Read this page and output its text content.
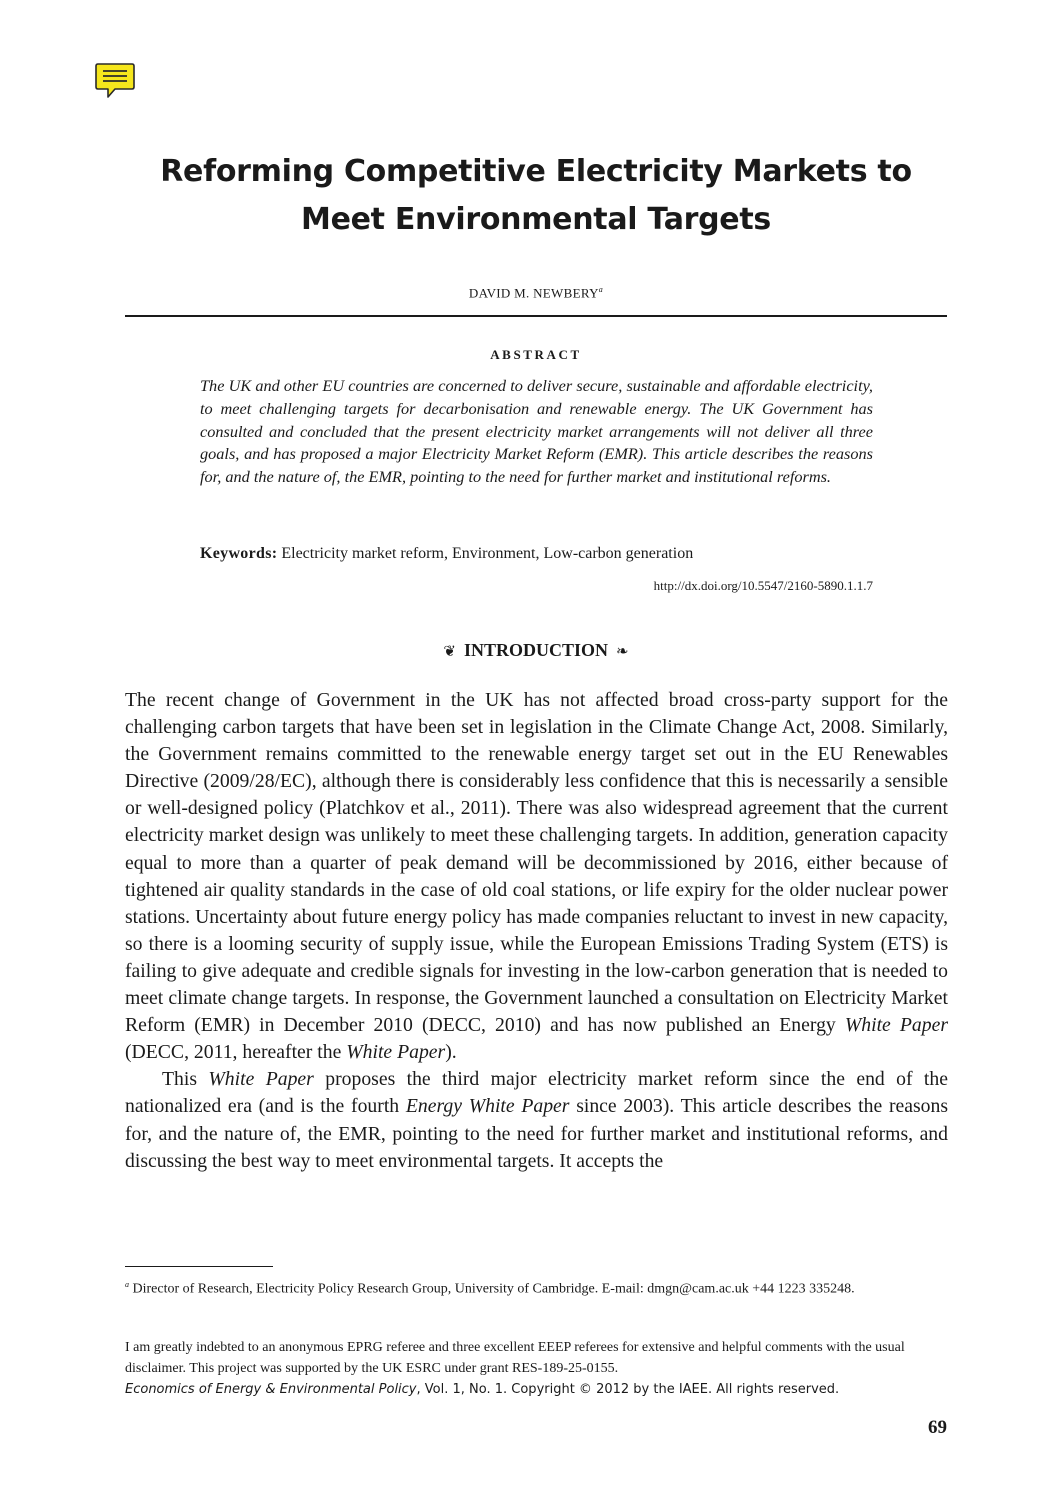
Reforming Competitive Electricity Markets to
Meet Environmental Targets
DAVID M. NEWBERY$^a$
ABSTRACT
The UK and other EU countries are concerned to deliver secure, sustainable and affordable electricity, to meet challenging targets for decarbonisation and renewable energy. The UK Government has consulted and concluded that the present electricity market arrangements will not deliver all three goals, and has proposed a major Electricity Market Reform (EMR). This article describes the reasons for, and the nature of, the EMR, pointing to the need for further market and institutional reforms.
Keywords: Electricity market reform, Environment, Low-carbon generation
http://dx.doi.org/10.5547/2160-5890.1.1.7
❦ INTRODUCTION ❧

The recent change of Government in the UK has not affected broad cross-party support for the challenging carbon targets that have been set in legislation in the Climate Change Act, 2008. Similarly, the Government remains committed to the renewable energy target set out in the EU Renewables Directive (2009/28/EC), although there is considerably less confidence that this is necessarily a sensible or well-designed policy (Platchkov et al., 2011). There was also widespread agreement that the current electricity market design was unlikely to meet these challenging targets. In addition, generation capacity equal to more than a quarter of peak demand will be decommissioned by 2016, either because of tightened air quality standards in the case of old coal stations, or life expiry for the older nuclear power stations. Uncertainty about future energy policy has made companies reluctant to invest in new capacity, so there is a looming security of supply issue, while the European Emissions Trading System (ETS) is failing to give adequate and credible signals for investing in the low-carbon generation that is needed to meet climate change targets. In response, the Government launched a consultation on Electricity Market Reform (EMR) in December 2010 (DECC, 2010) and has now published an Energy White Paper (DECC, 2011, hereafter the White Paper).

This White Paper proposes the third major electricity market reform since the end of the nationalized era (and is the fourth Energy White Paper since 2003). This article describes the reasons for, and the nature of, the EMR, pointing to the need for further market and institutional reforms, and discussing the best way to meet environmental targets. It accepts the

$^a$ Director of Research, Electricity Policy Research Group, University of Cambridge. E-mail: dmgn@cam.ac.uk +44 1223 335248.
I am greatly indebted to an anonymous EPRG referee and three excellent EEEP referees for extensive and helpful comments with the usual disclaimer. This project was supported by the UK ESRC under grant RES-189-25-0155.
Economics of Energy & Environmental Policy, Vol. 1, No. 1. Copyright © 2012 by the IAEE. All rights reserved.
69
